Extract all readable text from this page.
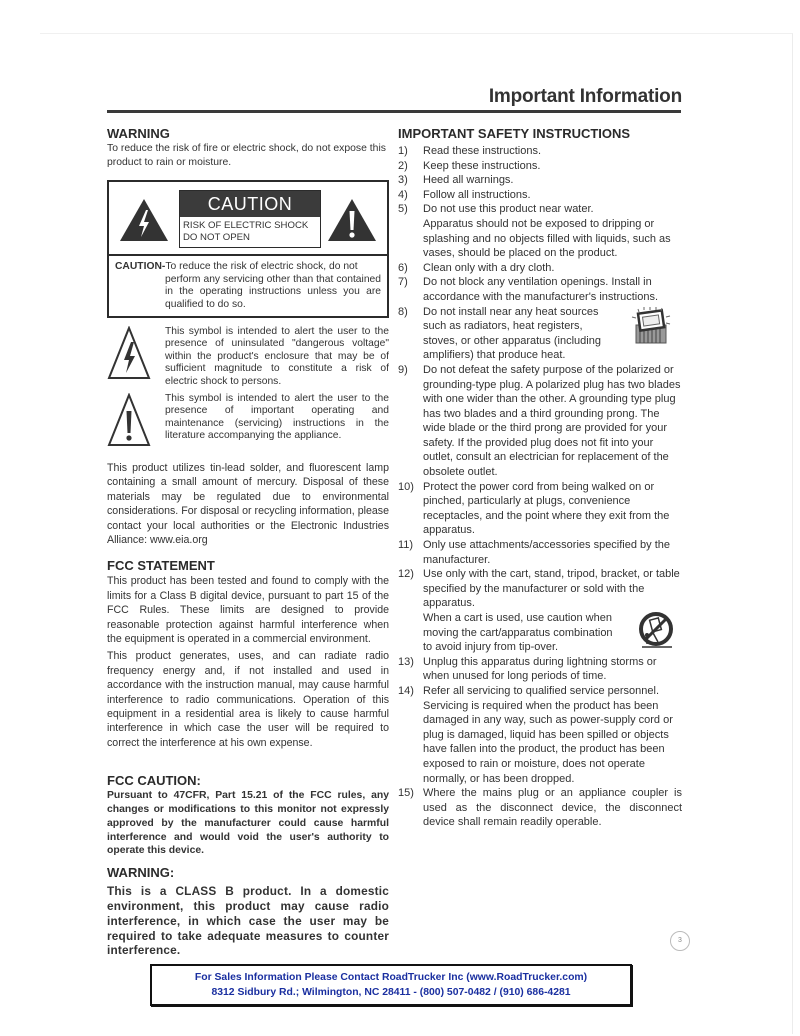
Important Information
WARNING

To reduce the risk of fire or electric shock, do not expose this product to rain or moisture.

CAUTION
RISK OF ELECTRIC SHOCK
DO NOT OPEN
CAUTION-To reduce the risk of electric shock, do not
perform any servicing other than that contained in the operating instructions unless you are qualified to do so.
This symbol is intended to alert the user to the presence of uninsulated "dangerous voltage" within the product's enclosure that may be of sufficient magnitude to constitute a risk of electric shock to persons.
This symbol is intended to alert the user to the presence of important operating and maintenance (servicing) instructions in the literature accompanying the appliance.

This product utilizes tin-lead solder, and fluorescent lamp containing a small amount of mercury. Disposal of these materials may be regulated due to environmental considerations. For disposal or recycling information, please contact your local authorities or the Electronic Industries Alliance: www.eia.org

FCC STATEMENT

This product has been tested and found to comply with the limits for a Class B digital device, pursuant to part 15 of the FCC Rules. These limits are designed to provide reasonable protection against harmful interference when the equipment is operated in a commercial environment.

This product generates, uses, and can radiate radio frequency energy and, if not installed and used in accordance with the instruction manual, may cause harmful interference to radio communications. Operation of this equipment in a residential area is likely to cause harmful interference in which case the user will be required to correct the interference at his own expense.

FCC CAUTION:

Pursuant to 47CFR, Part 15.21 of the FCC rules, any changes or modifications to this monitor not expressly approved by the manufacturer could cause harmful interference and would void the user's authority to operate this device.

WARNING:

This is a CLASS B product. In a domestic environment, this product may cause radio interference, in which case the user may be required to take adequate measures to counter interference.

IMPORTANT SAFETY INSTRUCTIONS
1) Read these instructions.
2) Keep these instructions.
3) Heed all warnings.
4) Follow all instructions.
5) Do not use this product near water.
Apparatus should not be exposed to dripping or splashing and no objects filled with liquids, such as vases, should be placed on the product.
6) Clean only with a dry cloth.
7) Do not block any ventilation openings. Install in accordance with the manufacturer's instructions.
8) Do not install near any heat sources
such as radiators, heat registers,
stoves, or other apparatus (including
amplifiers) that produce heat.
9) Do not defeat the safety purpose of the polarized or grounding-type plug. A polarized plug has two blades with one wider than the other. A grounding type plug has two blades and a third grounding prong. The wide blade or the third prong are provided for your safety. If the provided plug does not fit into your outlet, consult an electrician for replacement of the obsolete outlet.
10) Protect the power cord from being walked on or pinched, particularly at plugs, convenience receptacles, and the point where they exit from the apparatus.
11) Only use attachments/accessories specified by the manufacturer.
12) Use only with the cart, stand, tripod, bracket, or table specified by the manufacturer or sold with the apparatus.
When a cart is used, use caution when
moving the cart/apparatus combination
to avoid injury from tip-over.
13) Unplug this apparatus during lightning storms or when unused for long periods of time.
14) Refer all servicing to qualified service personnel. Servicing is required when the product has been damaged in any way, such as power-supply cord or plug is damaged, liquid has been spilled or objects have fallen into the product, the product has been exposed to rain or moisture, does not operate normally, or has been dropped.
15) Where the mains plug or an appliance coupler is used as the disconnect device, the disconnect device shall remain readily operable.
3
For Sales Information Please Contact RoadTrucker Inc (www.RoadTrucker.com)
8312 Sidbury Rd.; Wilmington, NC 28411 - (800) 507-0482 / (910) 686-4281
